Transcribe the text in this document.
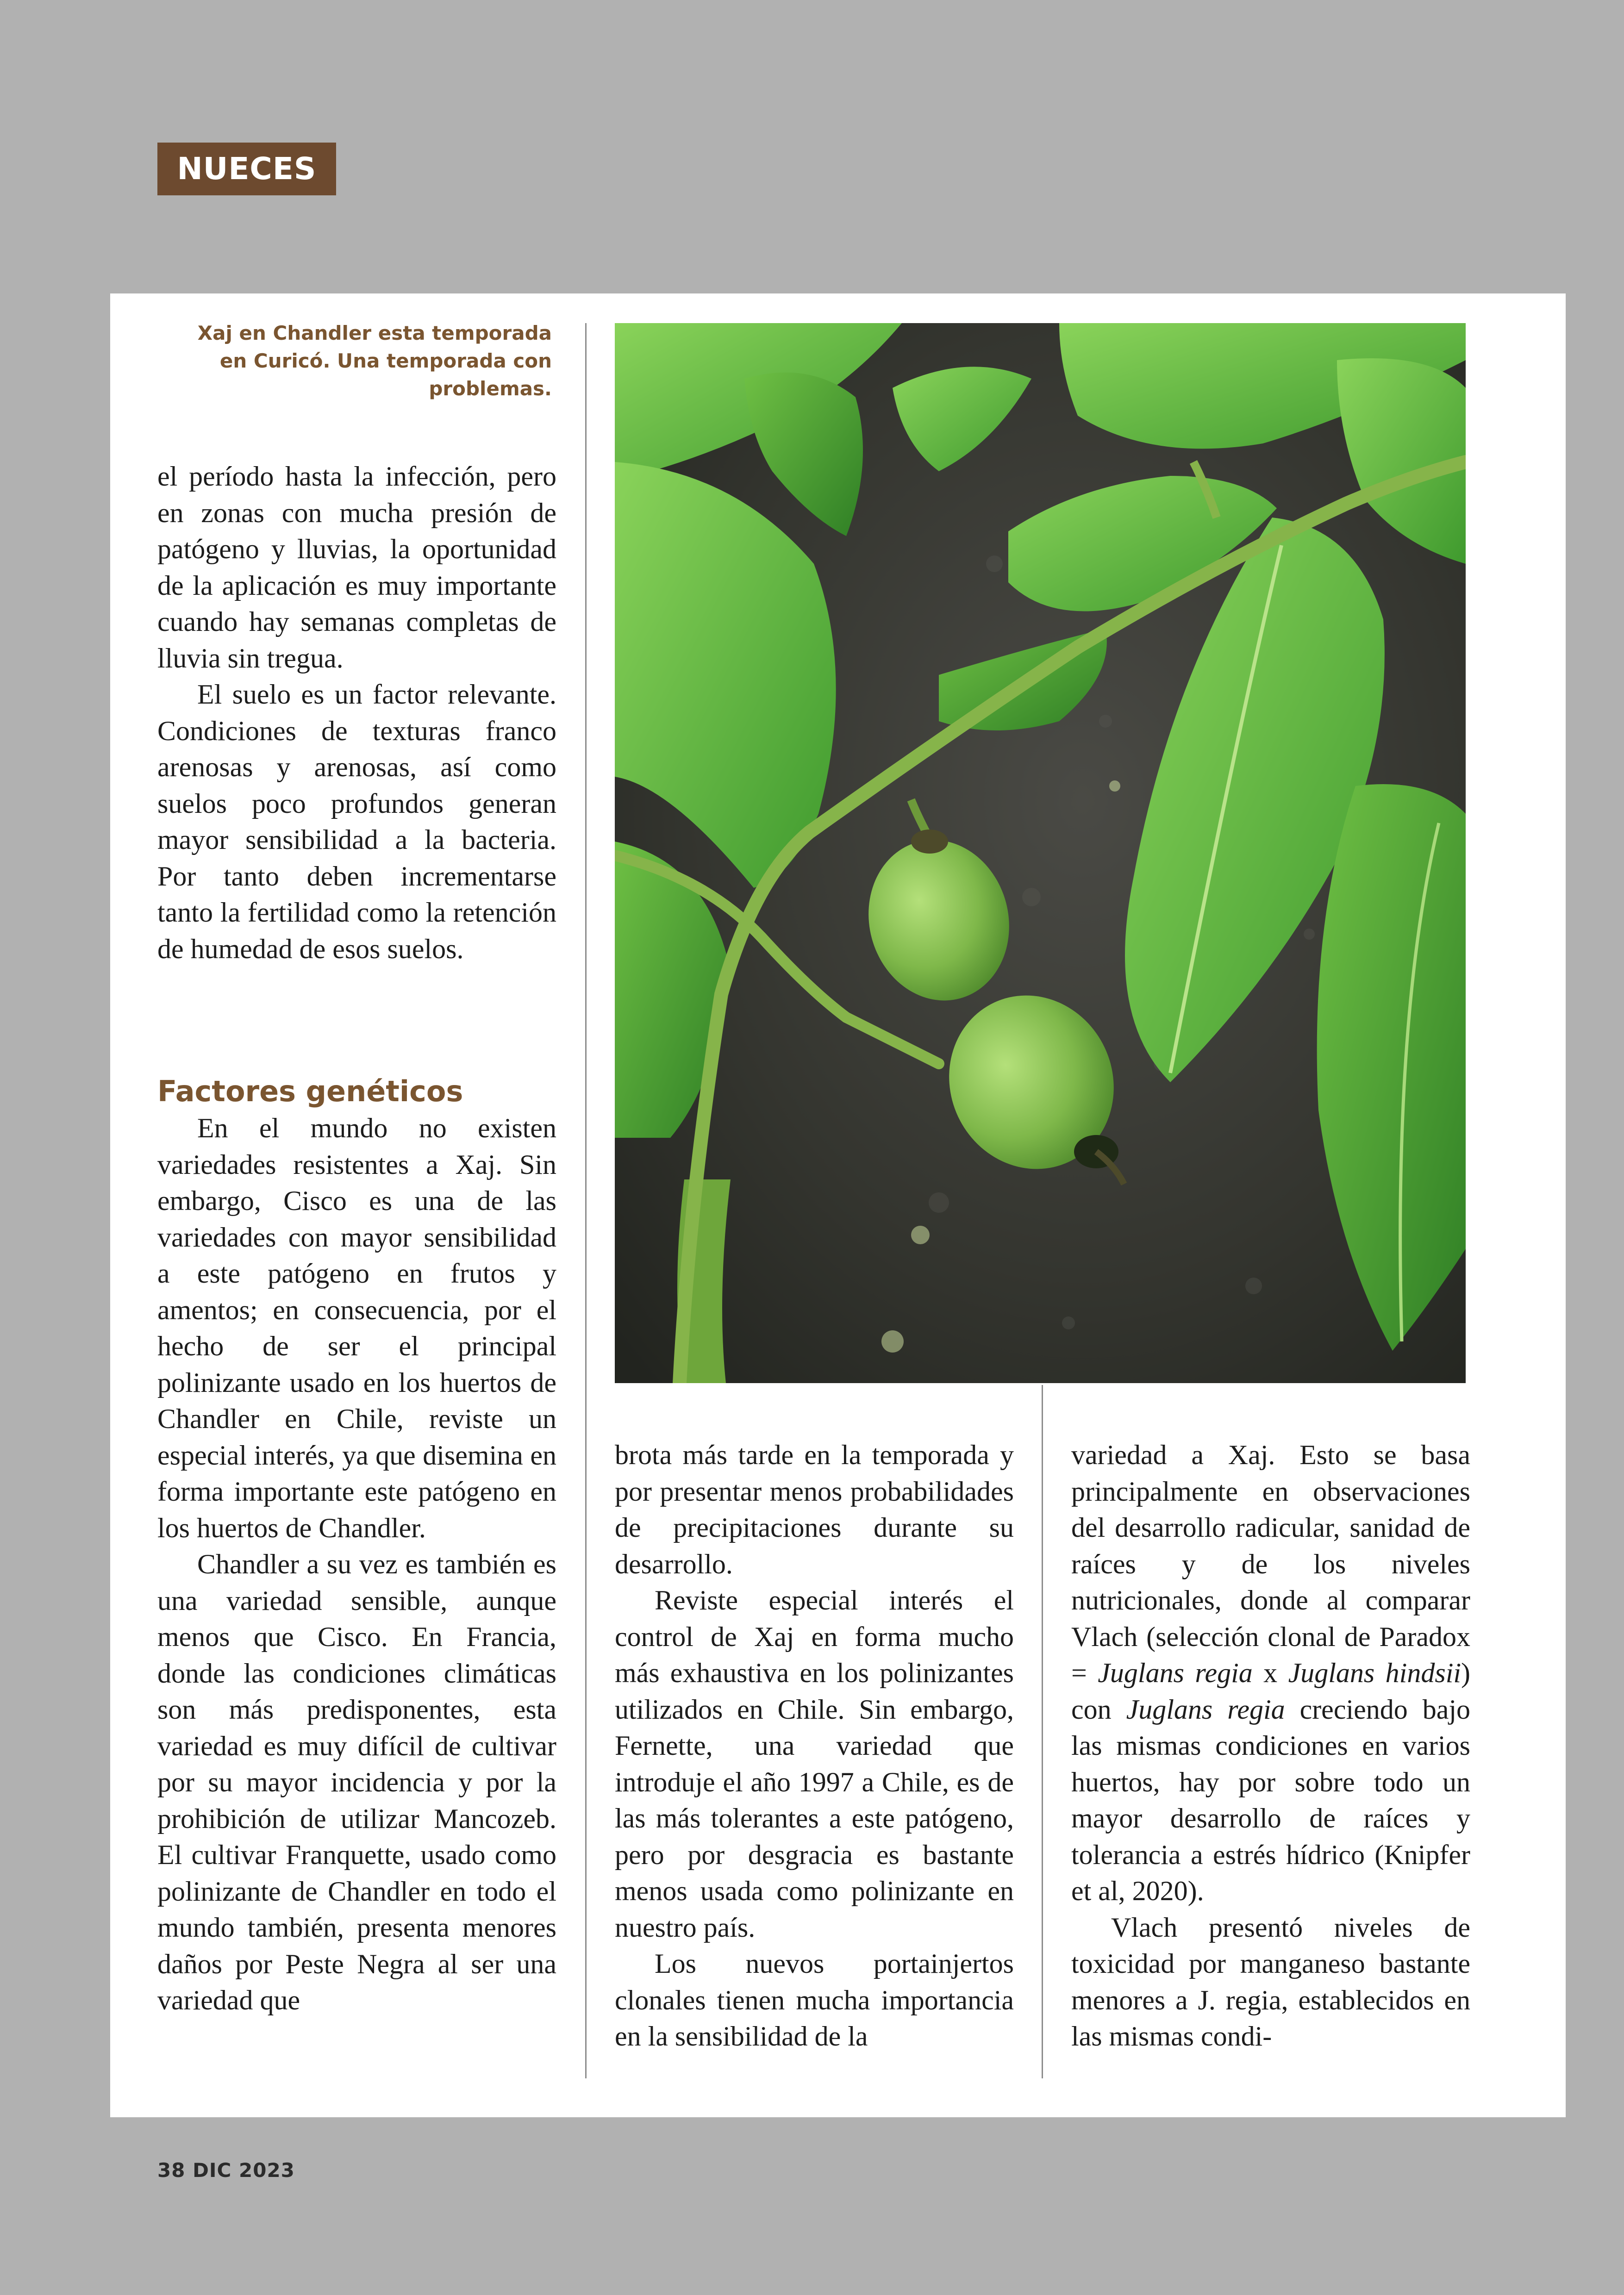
NUECES
Xaj en Chandler esta temporada en Curicó. Una temporada con problemas.

el período hasta la infección, pero en zonas con mucha presión de patógeno y lluvias, la oportunidad de la aplicación es muy importante cuando hay semanas completas de lluvia sin tregua.

El suelo es un factor relevante. Condiciones de texturas franco arenosas y arenosas, así como suelos poco profundos generan mayor sensibilidad a la bacteria. Por tanto deben incrementarse tanto la fertilidad como la retención de humedad de esos suelos.

Factores genéticos

En el mundo no existen variedades resistentes a Xaj. Sin embargo, Cisco es una de las variedades con mayor sensibilidad a este patógeno en frutos y amentos; en consecuencia, por el hecho de ser el principal polinizante usado en los huertos de Chandler en Chile, reviste un especial interés, ya que disemina en forma importante este patógeno en los huertos de Chandler.

Chandler a su vez es también es una variedad sensible, aunque menos que Cisco. En Francia, donde las condiciones climáticas son más predisponentes, esta variedad es muy difícil de cultivar por su mayor incidencia y por la prohibición de utilizar Mancozeb. El cultivar Franquette, usado como polinizante de Chandler en todo el mundo también, presenta menores daños por Peste Negra al ser una variedad que

brota más tarde en la temporada y por presentar menos probabilidades de precipitaciones durante su desarrollo.

Reviste especial interés el control de Xaj en forma mucho más exhaustiva en los polinizantes utilizados en Chile. Sin embargo, Fernette, una variedad que introduje el año 1997 a Chile, es de las más tolerantes a este patógeno, pero por desgracia es bastante menos usada como polinizante en nuestro país.

Los nuevos portainjertos clonales tienen mucha importancia en la sensibilidad de la

variedad a Xaj. Esto se basa principalmente en observaciones del desarrollo radicular, sanidad de raíces y de los niveles nutricionales, donde al comparar Vlach (selección clonal de Paradox = Juglans regia x Juglans hindsii) con Juglans regia creciendo bajo las mismas condiciones en varios huertos, hay por sobre todo un mayor desarrollo de raíces y tolerancia a estrés hídrico (Knipfer et al, 2020).

Vlach presentó niveles de toxicidad por manganeso bastante menores a J. regia, establecidos en las mismas condi-

38 DIC 2023
